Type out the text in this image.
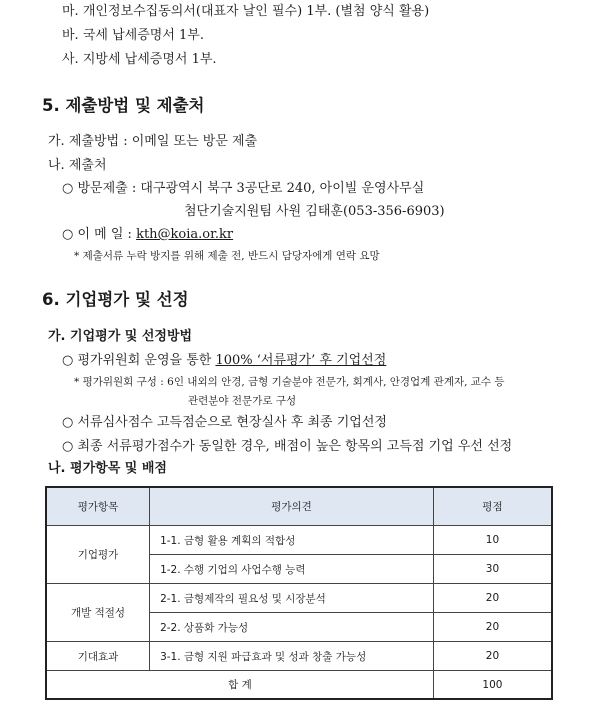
마. 개인정보수집동의서(대표자 날인 필수) 1부. (별첨 양식 활용)
바. 국세 납세증명서 1부.
사. 지방세 납세증명서 1부.
5. 제출방법 및 제출처
가. 제출방법 : 이메일 또는 방문 제출
나. 제출처
○ 방문제출 : 대구광역시 북구 3공단로 240, 아이빌 운영사무실
첨단기술지원팀 사원 김태훈(053-356-6903)
○ 이 메 일 : kth@koia.or.kr
* 제출서류 누락 방지를 위해 제출 전, 반드시 담당자에게 연락 요망
6. 기업평가 및 선정
가. 기업평가 및 선정방법
○ 평가위원회 운영을 통한 100% ‘서류평가’ 후 기업선정
* 평가위원회 구성 : 6인 내외의 안경, 금형 기술분야 전문가, 회계사, 안경업계 관계자, 교수 등
관련분야 전문가로 구성
○ 서류심사점수 고득점순으로 현장실사 후 최종 기업선정
○ 최종 서류평가점수가 동일한 경우, 배점이 높은 항목의 고득점 기업 우선 선정
나. 평가항목 및 배점
평가항목	평가의견	평점
기업평가	1-1. 금형 활용 계획의 적합성	10
	1-2. 수행 기업의 사업수행 능력	30
개발 적절성	2-1. 금형제작의 필요성 및 시장분석	20
	2-2. 상품화 가능성	20
기대효과	3-1. 금형 지원 파급효과 및 성과 창출 가능성	20
합 계		100
